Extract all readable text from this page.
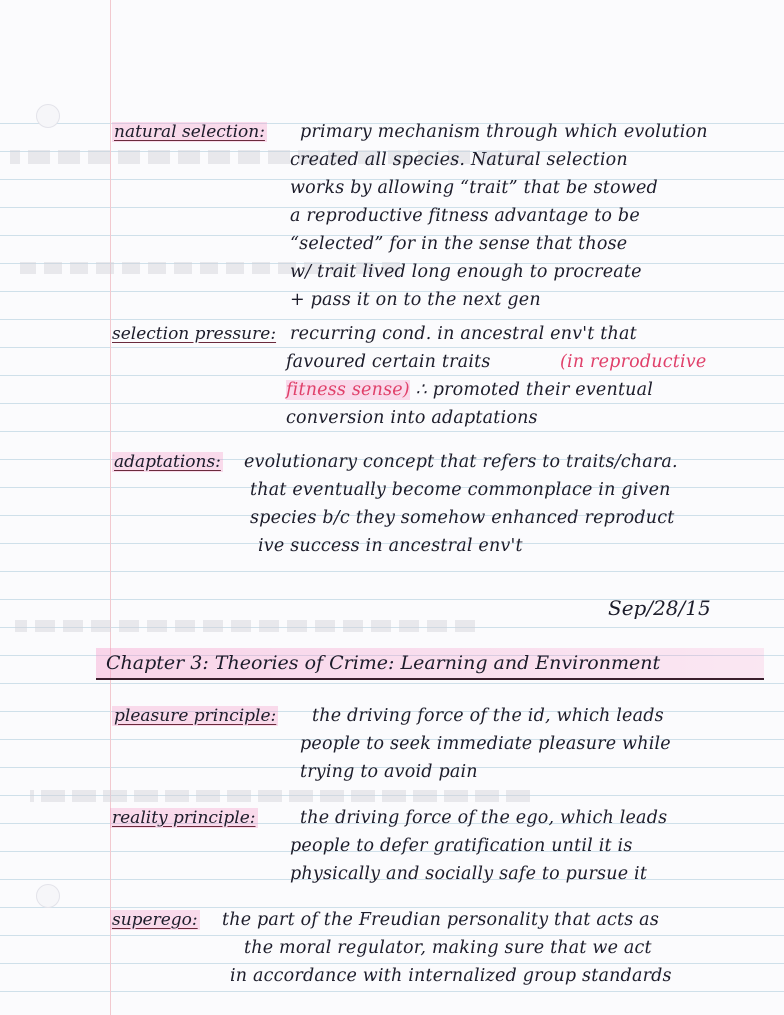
natural selection: primary mechanism through which evolution
created all species. Natural selection
works by allowing “trait” that be stowed
a reproductive fitness advantage to be
“selected” for in the sense that those
w/ trait lived long enough to procreate
+ pass it on to the next gen
selection pressure: recurring cond. in ancestral env't that
favoured certain traits	(in reproductive
fitness sense) ∴ promoted their eventual
conversion into adaptations
adaptations: evolutionary concept that refers to traits/chara.
that eventually become commonplace in given
species b/c they somehow enhanced reproduct
ive success in ancestral env't
Sep/28/15
Chapter 3: Theories of Crime: Learning and Environment
pleasure principle: the driving force of the id, which leads
people to seek immediate pleasure while
trying to avoid pain
reality principle:	the driving force of the ego, which leads
people to defer gratification until it is
physically and socially safe to pursue it
superego: the part of the Freudian personality that acts as
the moral regulator, making sure that we act
in accordance with internalized group standards
